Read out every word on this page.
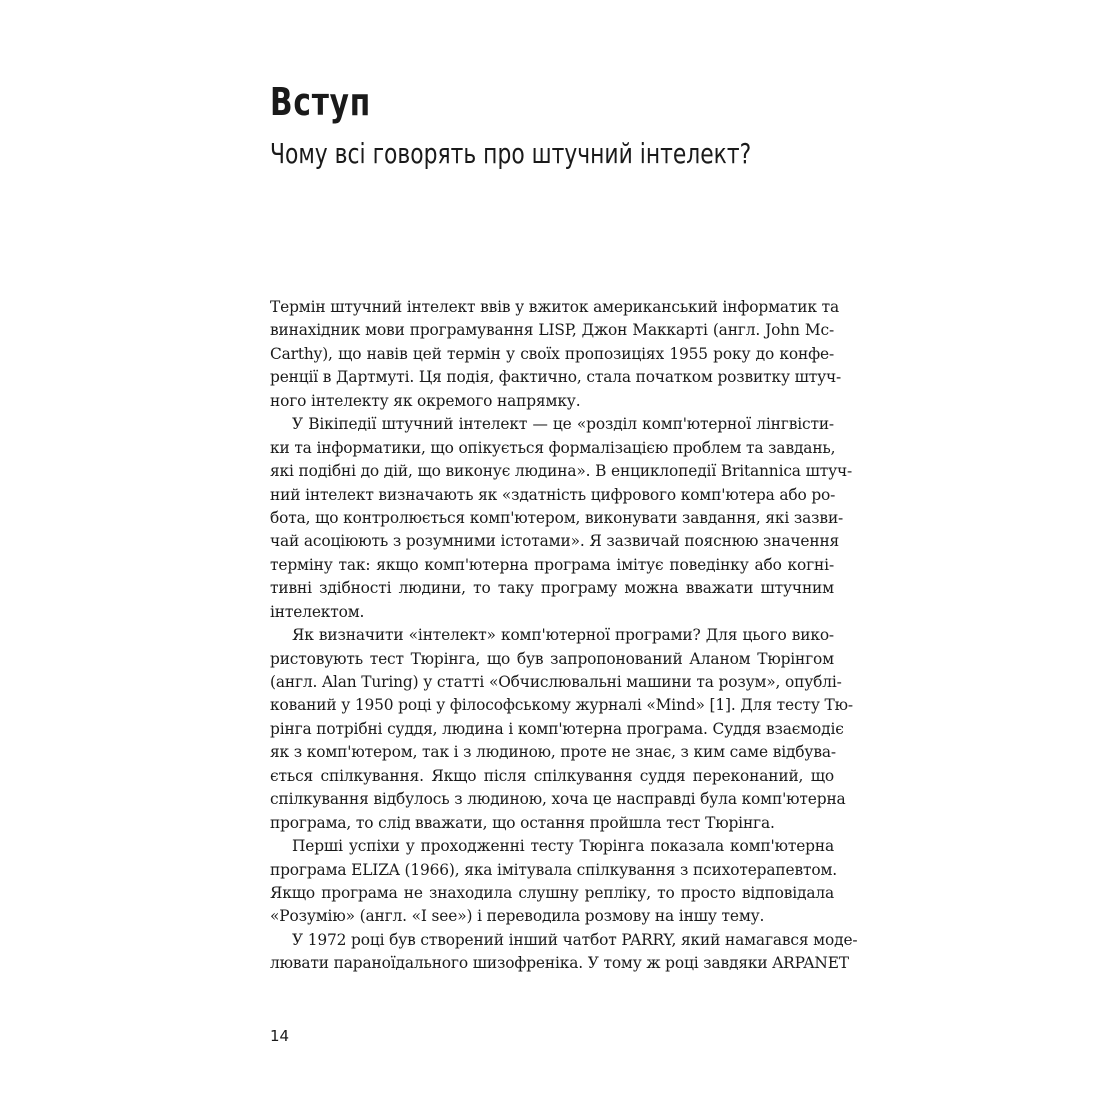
Вступ
Чому всі говорять про штучний інтелект?
Термін штучний інтелект ввів у вжиток американський інформатик та
винахідник мови програмування LISP, Джон Маккарті (англ. John Mc-
Carthy), що навів цей термін у своїх пропозиціях 1955 року до конфе-
ренції в Дартмуті. Ця подія, фактично, стала початком розвитку штуч-
ного інтелекту як окремого напрямку.
У Вікіпедії штучний інтелект — це «розділ комп'ютерної лінгвісти-
ки та інформатики, що опікується формалізацією проблем та завдань,
які подібні до дій, що виконує людина». В енциклопедії Britannica штуч-
ний інтелект визначають як «здатність цифрового комп'ютера або ро-
бота, що контролюється комп'ютером, виконувати завдання, які зазви-
чай асоціюють з розумними істотами». Я зазвичай пояснюю значення
терміну так: якщо комп'ютерна програма імітує поведінку або когні-
тивні здібності людини, то таку програму можна вважати штучним
інтелектом.
Як визначити «інтелект» комп'ютерної програми? Для цього вико-
ристовують тест Тюрінга, що був запропонований Аланом Тюрінгом
(англ. Alan Turing) у статті «Обчислювальні машини та розум», опублі-
кований у 1950 році у філософському журналі «Mind» [1]. Для тесту Тю-
рінга потрібні суддя, людина і комп'ютерна програма. Суддя взаємодіє
як з комп'ютером, так і з людиною, проте не знає, з ким саме відбува-
ється спілкування. Якщо після спілкування суддя переконаний, що
спілкування відбулось з людиною, хоча це насправді була комп'ютерна
програма, то слід вважати, що остання пройшла тест Тюрінга.
Перші успіхи у проходженні тесту Тюрінга показала комп'ютерна
програма ELIZA (1966), яка імітувала спілкування з психотерапевтом.
Якщо програма не знаходила слушну репліку, то просто відповідала
«Розумію» (англ. «I see») і переводила розмову на іншу тему.
У 1972 році був створений інший чатбот PARRY, який намагався моде-
лювати параноїдального шизофреніка. У тому ж році завдяки ARPANET
14
